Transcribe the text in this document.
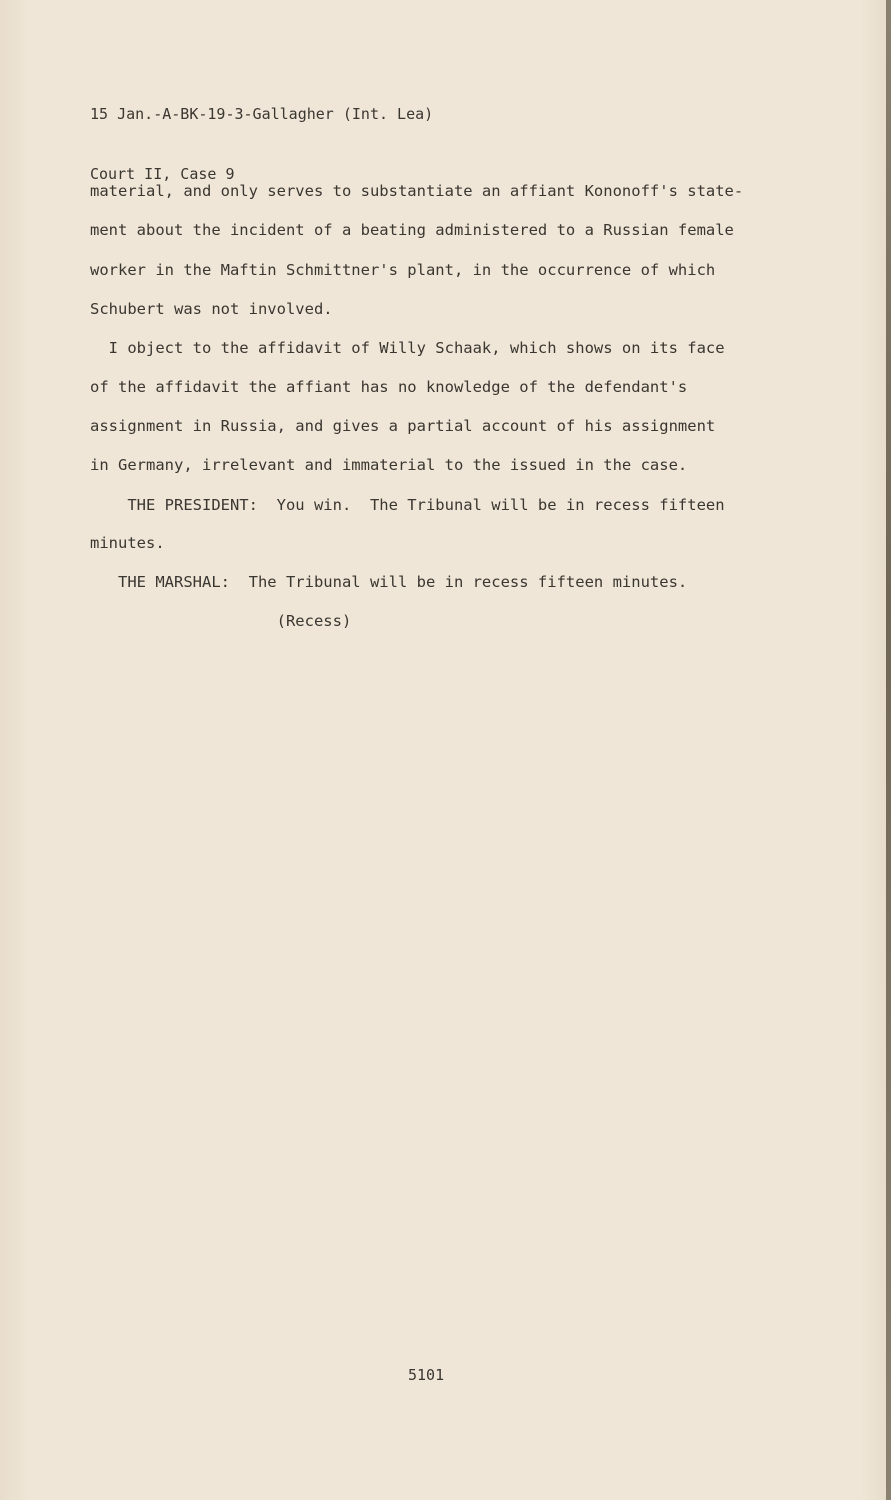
15 Jan.-A-BK-19-3-Gallagher (Int. Lea)

Court II, Case 9

material, and only serves to substantiate an affiant Kononoff's state-
ment about the incident of a beating administered to a Russian female
worker in the Maftin Schmittner's plant, in the occurrence of which
Schubert was not involved.
I object to the affidavit of Willy Schaak, which shows on its face
of the affidavit the affiant has no knowledge of the defendant's
assignment in Russia, and gives a partial account of his assignment
in Germany, irrelevant and immaterial to the issued in the case.
THE PRESIDENT:  You win.  The Tribunal will be in recess fifteen
minutes.
THE MARSHAL:  The Tribunal will be in recess fifteen minutes.
(Recess)
5101
